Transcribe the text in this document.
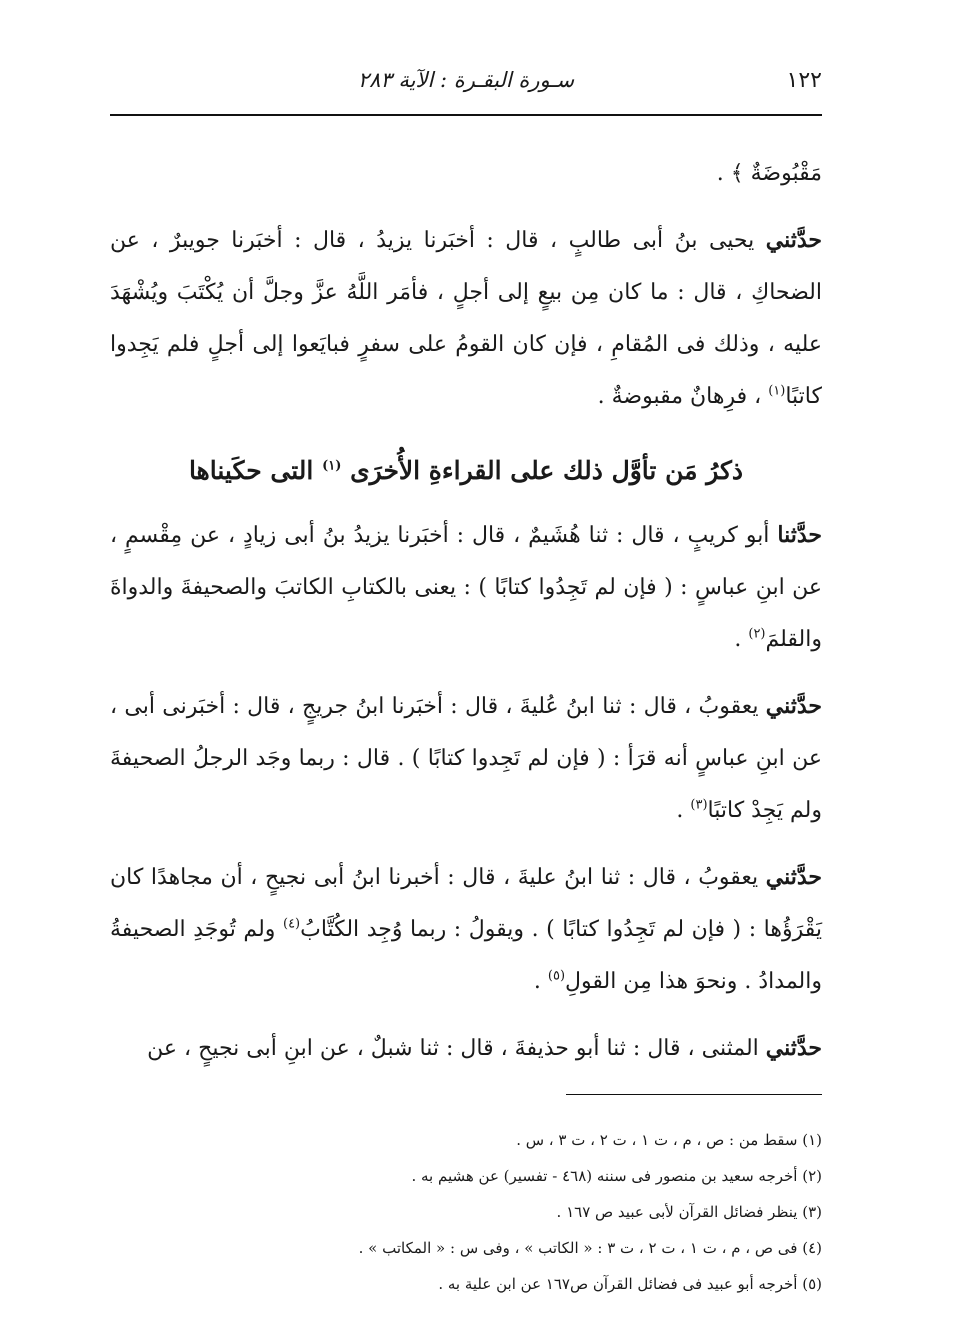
١٢٢
سـورة البقـرة : الآية ٢٨٣

مَقْبُوضَةٌ ﴾ .

حدَّثني يحيى بنُ أبى طالبٍ ، قال : أخبَرنا يزيدُ ، قال : أخبَرنا جويبرٌ ، عن الضحاكِ ، قال : ما كان مِن بيعٍ إلى أجلٍ ، فأمَر اللَّهُ عزَّ وجلَّ أن يُكْتَبَ ويُشْهَدَ عليه ، وذلك فى المُقامِ ، فإن كان القومُ على سفرٍ فبايَعوا إلى أجلٍ فلم يَجِدوا كاتبًا$^{(١)}$ ، فرِهانٌ مقبوضةٌ .

ذكرُ مَن تأوَّل ذلك على القراءةِ الأُخرَى $^{(١)}$ التى حكَيناها

حدَّثنا أبو كريبٍ ، قال : ثنا هُشَيمٌ ، قال : أخبَرنا يزيدُ بنُ أبى زيادٍ ، عن مِقْسمٍ ، عن ابنِ عباسٍ : ( فإن لم تَجِدُوا كتابًا ) : يعنى بالكتابِ الكاتبَ والصحيفةَ والدواةَ والقلمَ$^{(٢)}$ .

حدَّثني يعقوبُ ، قال : ثنا ابنُ عُليةَ ، قال : أخبَرنا ابنُ جريجٍ ، قال : أخبَرنى أبى ، عن ابنِ عباسٍ أنه قرَأ : ( فإن لم تَجِدوا كتابًا ) . قال : ربما وجَد الرجلُ الصحيفةَ ولم يَجِدْ كاتبًا$^{(٣)}$ .

حدَّثني يعقوبُ ، قال : ثنا ابنُ عليةَ ، قال : أخبرنا ابنُ أبى نجيحٍ ، أن مجاهدًا كان يَقْرَؤُها : ( فإن لم تَجِدُوا كتابًا ) . ويقولُ : ربما وُجِد الكُتَّابُ$^{(٤)}$ ولم تُوجَدِ الصحيفةُ والمدادُ . ونحوَ هذا مِن القولِ$^{(٥)}$ .

حدَّثني المثنى ، قال : ثنا أبو حذيفةَ ، قال : ثنا شبلٌ ، عن ابنِ أبى نجيحٍ ، عن

(١) سقط من : ص ، م ، ت ١ ، ت ٢ ، ت ٣ ، س .
(٢) أخرجه سعيد بن منصور فى سننه (٤٦٨ - تفسير) عن هشيم به .
(٣) ينظر فضائل القرآن لأبى عبيد ص ١٦٧ .
(٤) فى ص ، م ، ت ١ ، ت ٢ ، ت ٣ : « الكاتب » ، وفى س : « المكاتب » .
(٥) أخرجه أبو عبيد فى فضائل القرآن ص١٦٧ عن ابن علية به .
